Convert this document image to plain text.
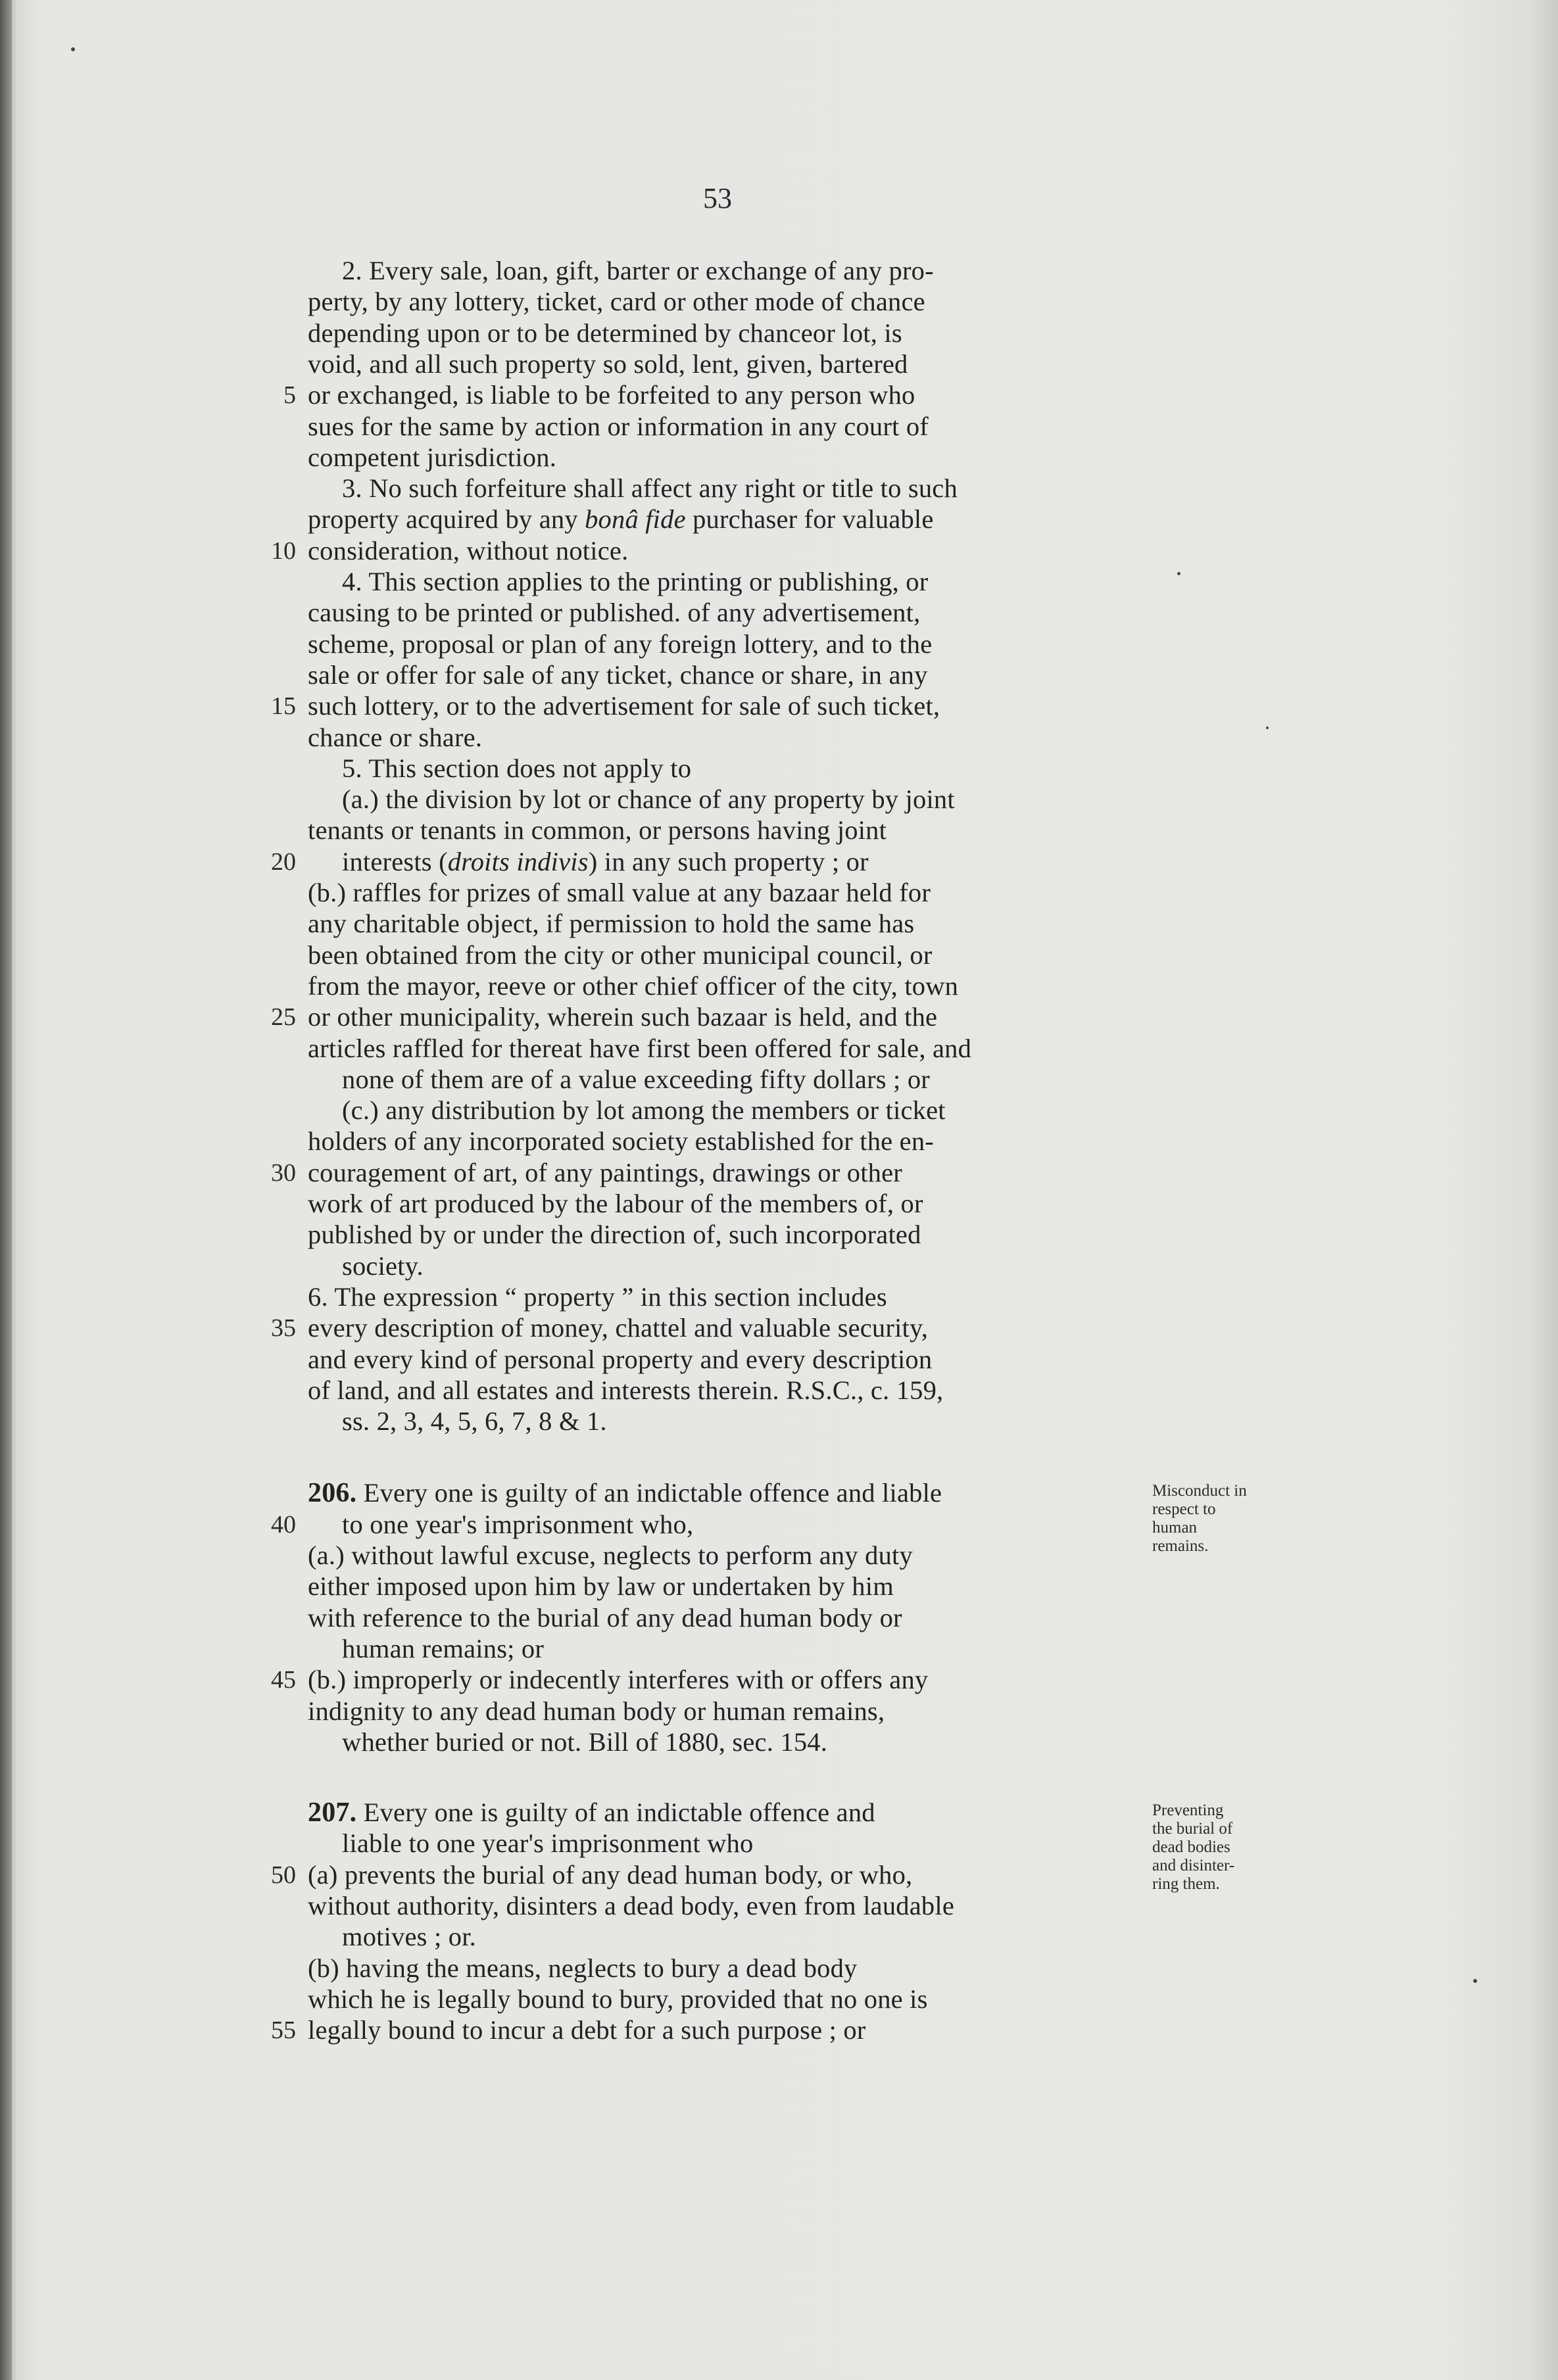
53
2. Every sale, loan, gift, barter or exchange of any pro-
perty, by any lottery, ticket, card or other mode of chance
depending upon or to be determined by chanceor lot, is
void, and all such property so sold, lent, given, bartered
or exchanged, is liable to be forfeited to any person who
sues for the same by action or information in any court of
competent jurisdiction.
3. No such forfeiture shall affect any right or title to such
property acquired by any bonâ fide purchaser for valuable
consideration, without notice.
4. This section applies to the printing or publishing, or
causing to be printed or published. of any advertisement,
scheme, proposal or plan of any foreign lottery, and to the
sale or offer for sale of any ticket, chance or share, in any
such lottery, or to the advertisement for sale of such ticket,
chance or share.
5. This section does not apply to
(a.) the division by lot or chance of any property by joint
tenants or tenants in common, or persons having joint
interests (droits indivis) in any such property ; or
(b.) raffles for prizes of small value at any bazaar held for
any charitable object, if permission to hold the same has
been obtained from the city or other municipal council, or
from the mayor, reeve or other chief officer of the city, town
or other municipality, wherein such bazaar is held, and the
articles raffled for thereat have first been offered for sale, and
none of them are of a value exceeding fifty dollars ; or
(c.) any distribution by lot among the members or ticket
holders of any incorporated society established for the en-
couragement of art, of any paintings, drawings or other
work of art produced by the labour of the members of, or
published by or under the direction of, such incorporated
society.
6. The expression “ property ” in this section includes
every description of money, chattel and valuable security,
and every kind of personal property and every description
of land, and all estates and interests therein. R.S.C., c. 159,
ss. 2, 3, 4, 5, 6, 7, 8 & 1.
206. Every one is guilty of an indictable offence and liable
to one year's imprisonment who,
(a.) without lawful excuse, neglects to perform any duty
either imposed upon him by law or undertaken by him
with reference to the burial of any dead human body or
human remains; or
(b.) improperly or indecently interferes with or offers any
indignity to any dead human body or human remains,
whether buried or not. Bill of 1880, sec. 154.
207. Every one is guilty of an indictable offence and
liable to one year's imprisonment who
(a) prevents the burial of any dead human body, or who,
without authority, disinters a dead body, even from laudable
motives ; or.
(b) having the means, neglects to bury a dead body
which he is legally bound to bury, provided that no one is
legally bound to incur a debt for a such purpose ; or
5
10
15
20
25
30
35
40
45
50
55
Misconduct in
respect to
human
remains.
Preventing
the burial of
dead bodies
and disinter-
ring them.
